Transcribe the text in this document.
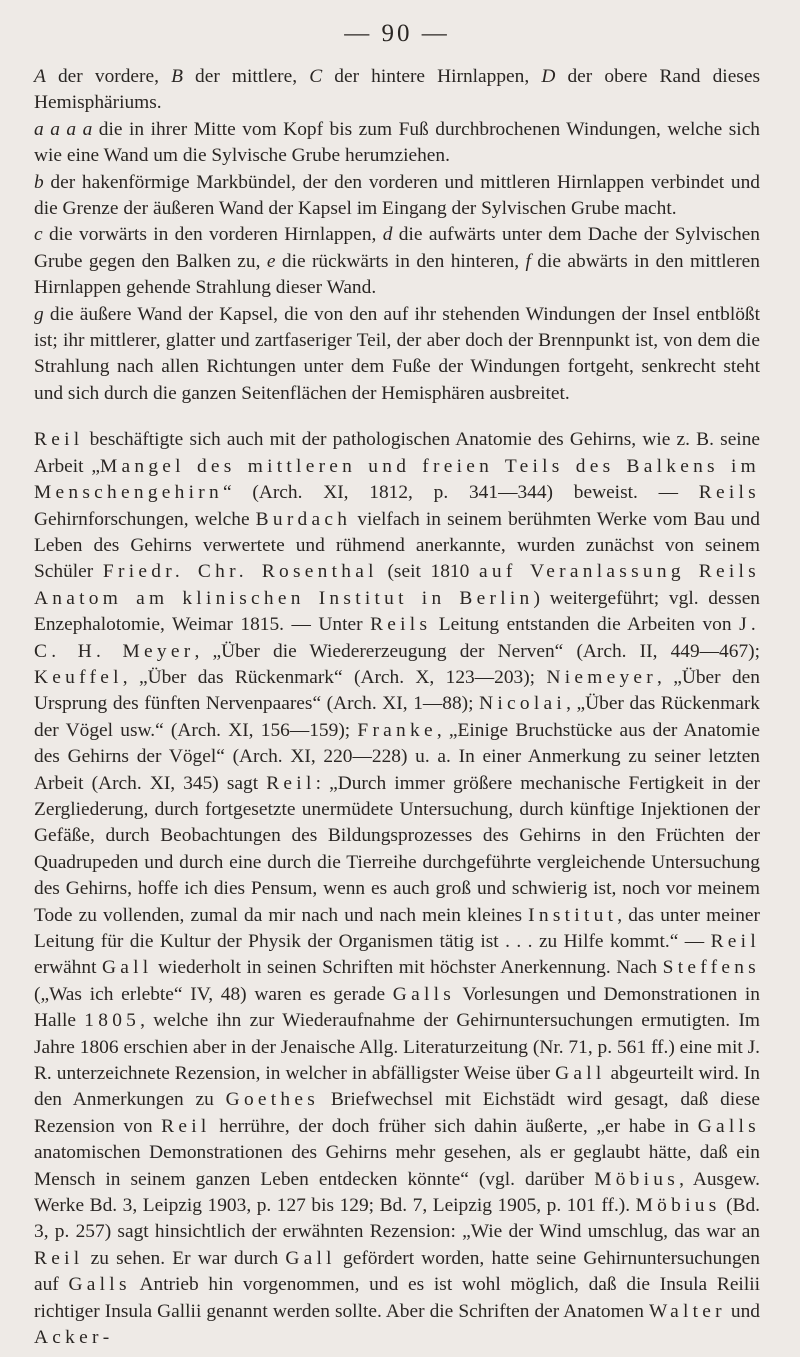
— 90 —

A der vordere, B der mittlere, C der hintere Hirnlappen, D der obere Rand dieses Hemisphäriums.

a a a a die in ihrer Mitte vom Kopf bis zum Fuß durchbrochenen Windungen, welche sich wie eine Wand um die Sylvische Grube herumziehen.

b der hakenförmige Markbündel, der den vorderen und mittleren Hirnlappen verbindet und die Grenze der äußeren Wand der Kapsel im Eingang der Sylvischen Grube macht.

c die vorwärts in den vorderen Hirnlappen, d die aufwärts unter dem Dache der Sylvischen Grube gegen den Balken zu, e die rückwärts in den hinteren, f die abwärts in den mittleren Hirnlappen gehende Strahlung dieser Wand.

g die äußere Wand der Kapsel, die von den auf ihr stehenden Windungen der Insel entblößt ist; ihr mittlerer, glatter und zartfaseriger Teil, der aber doch der Brennpunkt ist, von dem die Strahlung nach allen Richtungen unter dem Fuße der Windungen fortgeht, senkrecht steht und sich durch die ganzen Seitenflächen der Hemisphären ausbreitet.

Reil beschäftigte sich auch mit der pathologischen Anatomie des Gehirns, wie z. B. seine Arbeit „Mangel des mittleren und freien Teils des Balkens im Menschengehirn“ (Arch. XI, 1812, p. 341—344) beweist. — Reils Gehirnforschungen, welche Burdach vielfach in seinem berühmten Werke vom Bau und Leben des Gehirns verwertete und rühmend anerkannte, wurden zunächst von seinem Schüler Friedr. Chr. Rosenthal (seit 1810 auf Veranlassung Reils Anatom am klinischen Institut in Berlin) weitergeführt; vgl. dessen Enzephalotomie, Weimar 1815. — Unter Reils Leitung entstanden die Arbeiten von J. C. H. Meyer, „Über die Wiedererzeugung der Nerven“ (Arch. II, 449—467); Keuffel, „Über das Rückenmark“ (Arch. X, 123—203); Niemeyer, „Über den Ursprung des fünften Nervenpaares“ (Arch. XI, 1—88); Nicolai, „Über das Rückenmark der Vögel usw.“ (Arch. XI, 156—159); Franke, „Einige Bruchstücke aus der Anatomie des Gehirns der Vögel“ (Arch. XI, 220—228) u. a. In einer Anmerkung zu seiner letzten Arbeit (Arch. XI, 345) sagt Reil: „Durch immer größere mechanische Fertigkeit in der Zergliederung, durch fortgesetzte unermüdete Untersuchung, durch künftige Injektionen der Gefäße, durch Beobachtungen des Bildungsprozesses des Gehirns in den Früchten der Quadrupeden und durch eine durch die Tierreihe durchgeführte vergleichende Untersuchung des Gehirns, hoffe ich dies Pensum, wenn es auch groß und schwierig ist, noch vor meinem Tode zu vollenden, zumal da mir nach und nach mein kleines Institut, das unter meiner Leitung für die Kultur der Physik der Organismen tätig ist . . . zu Hilfe kommt.“ — Reil erwähnt Gall wiederholt in seinen Schriften mit höchster Anerkennung. Nach Steffens („Was ich erlebte“ IV, 48) waren es gerade Galls Vorlesungen und Demonstrationen in Halle 1805, welche ihn zur Wiederaufnahme der Gehirnuntersuchungen ermutigten. Im Jahre 1806 erschien aber in der Jenaische Allg. Literaturzeitung (Nr. 71, p. 561 ff.) eine mit J. R. unterzeichnete Rezension, in welcher in abfälligster Weise über Gall abgeurteilt wird. In den Anmerkungen zu Goethes Briefwechsel mit Eichstädt wird gesagt, daß diese Rezension von Reil herrühre, der doch früher sich dahin äußerte, „er habe in Galls anatomischen Demonstrationen des Gehirns mehr gesehen, als er geglaubt hätte, daß ein Mensch in seinem ganzen Leben entdecken könnte“ (vgl. darüber Möbius, Ausgew. Werke Bd. 3, Leipzig 1903, p. 127 bis 129; Bd. 7, Leipzig 1905, p. 101 ff.). Möbius (Bd. 3, p. 257) sagt hinsichtlich der erwähnten Rezension: „Wie der Wind umschlug, das war an Reil zu sehen. Er war durch Gall gefördert worden, hatte seine Gehirnuntersuchungen auf Galls Antrieb hin vorgenommen, und es ist wohl möglich, daß die Insula Reilii richtiger Insula Gallii genannt werden sollte. Aber die Schriften der Anatomen Walter und Acker-
